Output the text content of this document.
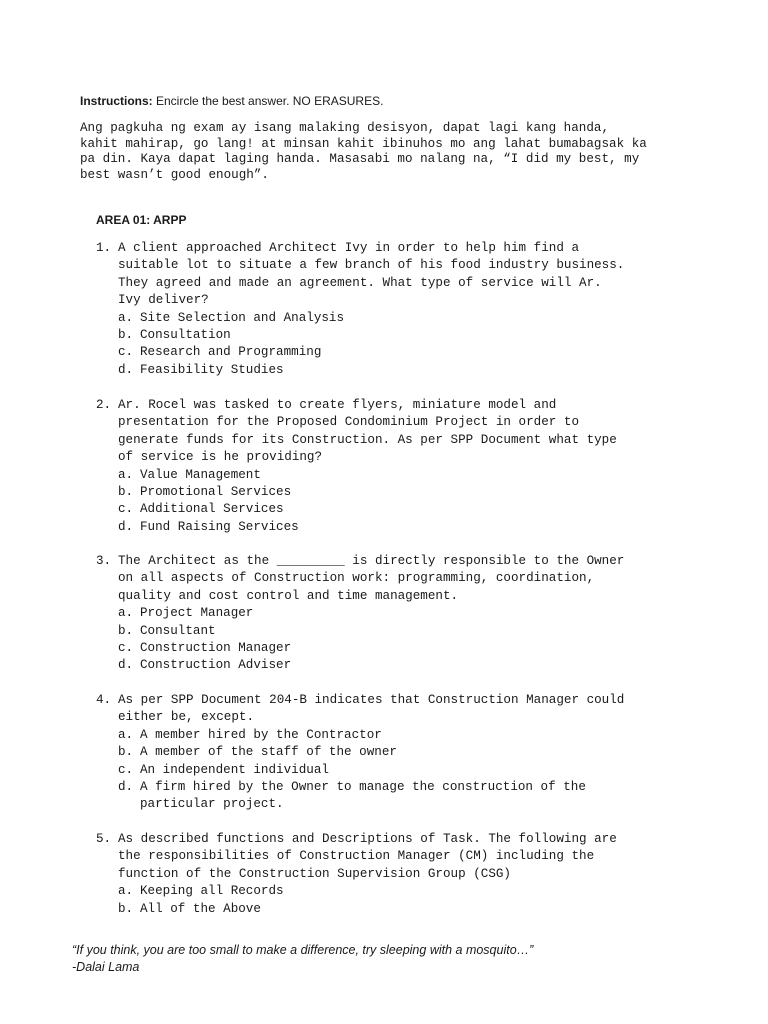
Instructions: Encircle the best answer. NO ERASURES.
Ang pagkuha ng exam ay isang malaking desisyon, dapat lagi kang handa,
kahit mahirap, go lang! at minsan kahit ibinuhos mo ang lahat bumabagsak ka
pa din. Kaya dapat laging handa. Masasabi mo nalang na, “I did my best, my
best wasn’t good enough”.
AREA 01: ARPP
1. A client approached Architect Ivy in order to help him find a
suitable lot to situate a few branch of his food industry business.
They agreed and made an agreement. What type of service will Ar.
Ivy deliver?
a. Site Selection and Analysis
b. Consultation
c. Research and Programming
d. Feasibility Studies
2. Ar. Rocel was tasked to create flyers, miniature model and
presentation for the Proposed Condominium Project in order to
generate funds for its Construction. As per SPP Document what type
of service is he providing?
a. Value Management
b. Promotional Services
c. Additional Services
d. Fund Raising Services
3. The Architect as the _________ is directly responsible to the Owner
on all aspects of Construction work: programming, coordination,
quality and cost control and time management.
a. Project Manager
b. Consultant
c. Construction Manager
d. Construction Adviser
4. As per SPP Document 204-B indicates that Construction Manager could
either be, except.
a. A member hired by the Contractor
b. A member of the staff of the owner
c. An independent individual
d. A firm hired by the Owner to manage the construction of the
particular project.
5. As described functions and Descriptions of Task. The following are
the responsibilities of Construction Manager (CM) including the
function of the Construction Supervision Group (CSG)
a. Keeping all Records
b. All of the Above
“If you think, you are too small to make a difference, try sleeping with a mosquito…”
-Dalai Lama
